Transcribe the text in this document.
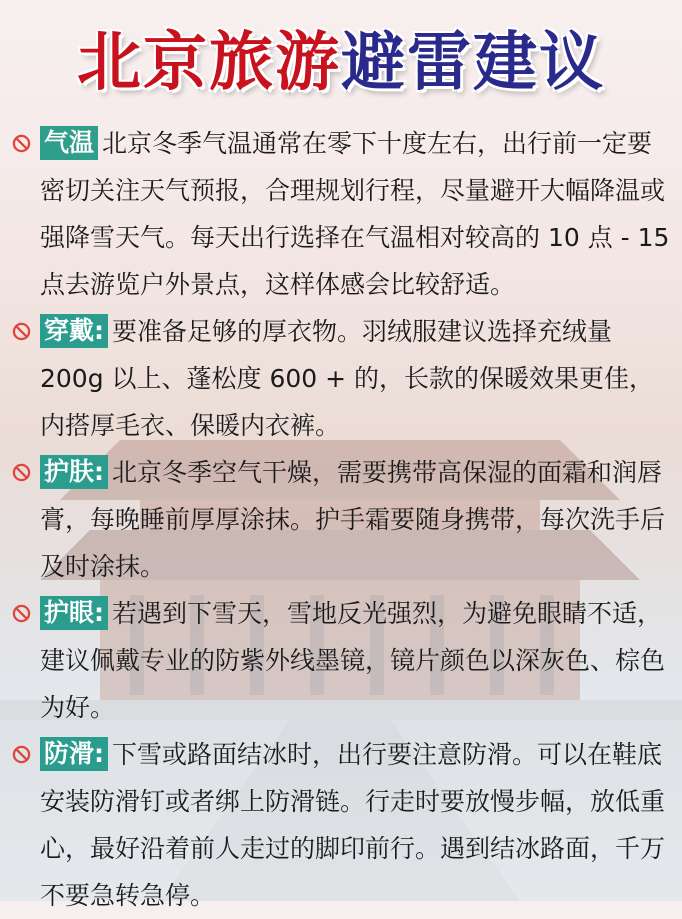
北京旅游避雷建议
气温 北京冬季气温通常在零下十度左右，出行前一定要密切关注天气预报，合理规划行程，尽量避开大幅降温或强降雪天气。每天出行选择在气温相对较高的 10 点 - 15 点去游览户外景点，这样体感会比较舒适。
穿戴: 要准备足够的厚衣物。羽绒服建议选择充绒量 200g 以上、蓬松度 600 + 的，长款的保暖效果更佳，内搭厚毛衣、保暖内衣裤。
护肤: 北京冬季空气干燥，需要携带高保湿的面霜和润唇膏，每晚睡前厚厚涂抹。护手霜要随身携带，每次洗手后及时涂抹。
护眼: 若遇到下雪天，雪地反光强烈，为避免眼睛不适，建议佩戴专业的防紫外线墨镜，镜片颜色以深灰色、棕色为好。
防滑: 下雪或路面结冰时，出行要注意防滑。可以在鞋底安装防滑钉或者绑上防滑链。行走时要放慢步幅，放低重心，最好沿着前人走过的脚印前行。遇到结冰路面，千万不要急转急停。
